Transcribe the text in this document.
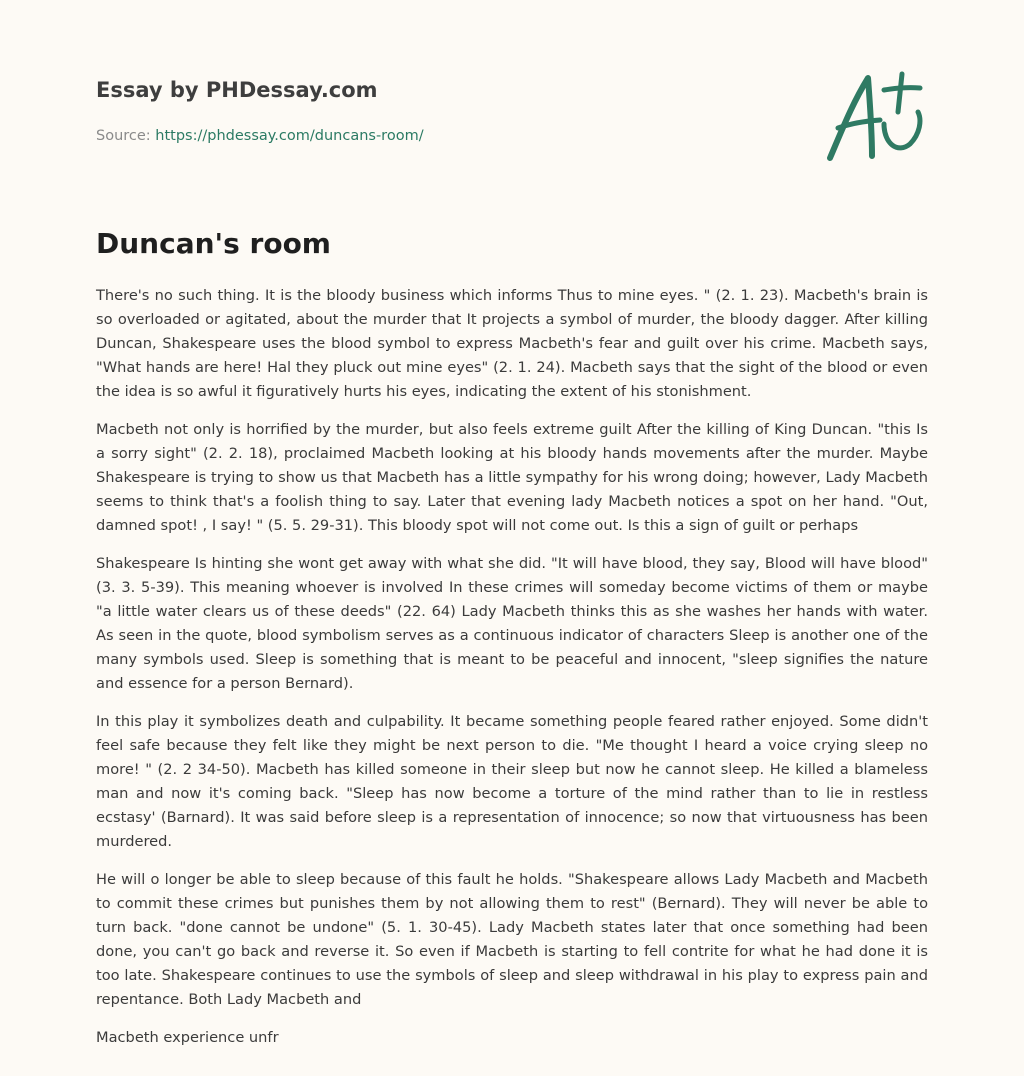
Essay by PHDessay.com
Source: https://phdessay.com/duncans-room/
Duncan's room

There's no such thing. It is the bloody business which informs Thus to mine eyes. " (2. 1. 23). Macbeth's brain is so overloaded or agitated, about the murder that It projects a symbol of murder, the bloody dagger. After killing Duncan, Shakespeare uses the blood symbol to express Macbeth's fear and guilt over his crime. Macbeth says, "What hands are here! Hal they pluck out mine eyes" (2. 1. 24). Macbeth says that the sight of the blood or even the idea is so awful it figuratively hurts his eyes, indicating the extent of his stonishment.

Macbeth not only is horrified by the murder, but also feels extreme guilt After the killing of King Duncan. "this Is a sorry sight" (2. 2. 18), proclaimed Macbeth looking at his bloody hands movements after the murder. Maybe Shakespeare is trying to show us that Macbeth has a little sympathy for his wrong doing; however, Lady Macbeth seems to think that's a foolish thing to say. Later that evening lady Macbeth notices a spot on her hand. "Out, damned spot! , I say! " (5. 5. 29-31). This bloody spot will not come out. Is this a sign of guilt or perhaps

Shakespeare Is hinting she wont get away with what she did. "It will have blood, they say, Blood will have blood" (3. 3. 5-39). This meaning whoever is involved In these crimes will someday become victims of them or maybe "a little water clears us of these deeds" (22. 64) Lady Macbeth thinks this as she washes her hands with water. As seen in the quote, blood symbolism serves as a continuous indicator of characters Sleep is another one of the many symbols used. Sleep is something that is meant to be peaceful and innocent, "sleep signifies the nature and essence for a person Bernard).

In this play it symbolizes death and culpability. It became something people feared rather enjoyed. Some didn't feel safe because they felt like they might be next person to die. "Me thought I heard a voice crying sleep no more! " (2. 2 34-50). Macbeth has killed someone in their sleep but now he cannot sleep. He killed a blameless man and now it's coming back. "Sleep has now become a torture of the mind rather than to lie in restless ecstasy' (Barnard). It was said before sleep is a representation of innocence; so now that virtuousness has been murdered.

He will o longer be able to sleep because of this fault he holds. "Shakespeare allows Lady Macbeth and Macbeth to commit these crimes but punishes them by not allowing them to rest" (Bernard). They will never be able to turn back. "done cannot be undone" (5. 1. 30-45). Lady Macbeth states later that once something had been done, you can't go back and reverse it. So even if Macbeth is starting to fell contrite for what he had done it is too late. Shakespeare continues to use the symbols of sleep and sleep withdrawal in his play to express pain and repentance. Both Lady Macbeth and

Macbeth experience unfr
